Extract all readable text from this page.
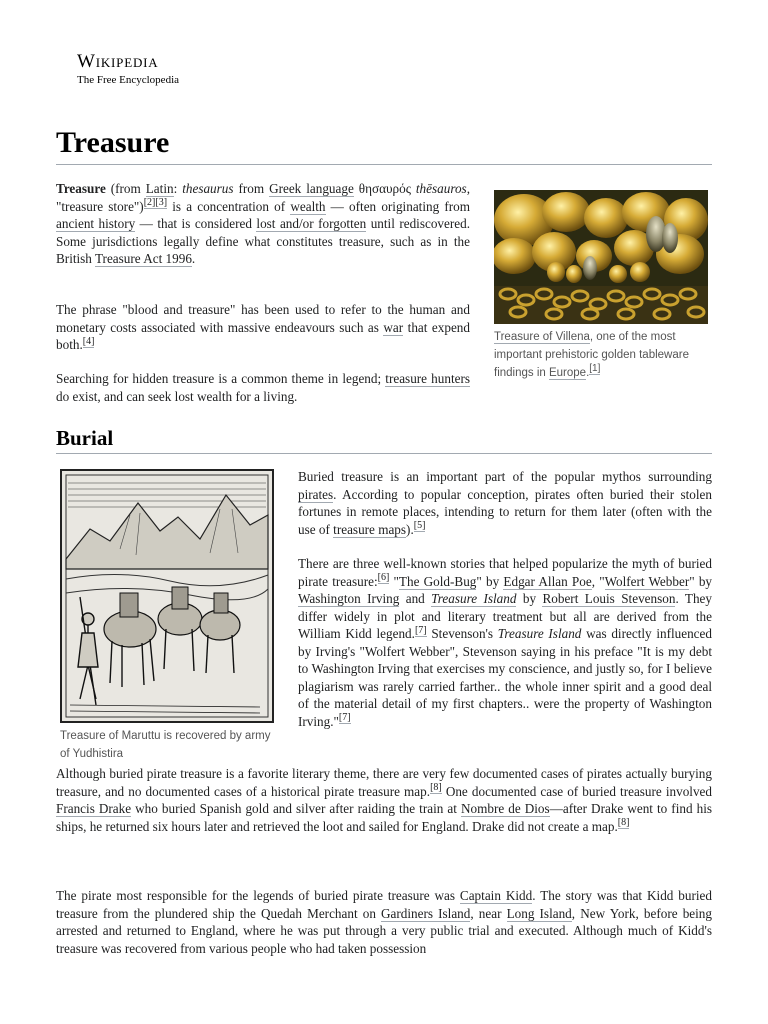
Wikipedia
The Free Encyclopedia
Treasure

Treasure (from Latin: thesaurus from Greek language θησαυρός thēsauros, "treasure store")[2][3] is a concentration of wealth — often originating from ancient history — that is considered lost and/or forgotten until rediscovered. Some jurisdictions legally define what constitutes treasure, such as in the British Treasure Act 1996.

The phrase "blood and treasure" has been used to refer to the human and monetary costs associated with massive endeavours such as war that expend both.[4]

Searching for hidden treasure is a common theme in legend; treasure hunters do exist, and can seek lost wealth for a living.

Treasure of Villena, one of the most important prehistoric golden tableware findings in Europe.[1]
Burial
Treasure of Maruttu is recovered by army of Yudhistira

Buried treasure is an important part of the popular mythos surrounding pirates. According to popular conception, pirates often buried their stolen fortunes in remote places, intending to return for them later (often with the use of treasure maps).[5]

There are three well-known stories that helped popularize the myth of buried pirate treasure:[6] "The Gold-Bug" by Edgar Allan Poe, "Wolfert Webber" by Washington Irving and Treasure Island by Robert Louis Stevenson. They differ widely in plot and literary treatment but all are derived from the William Kidd legend.[7] Stevenson's Treasure Island was directly influenced by Irving's "Wolfert Webber", Stevenson saying in his preface "It is my debt to Washington Irving that exercises my conscience, and justly so, for I believe plagiarism was rarely carried farther.. the whole inner spirit and a good deal of the material detail of my first chapters.. were the property of Washington Irving."[7]

Although buried pirate treasure is a favorite literary theme, there are very few documented cases of pirates actually burying treasure, and no documented cases of a historical pirate treasure map.[8] One documented case of buried treasure involved Francis Drake who buried Spanish gold and silver after raiding the train at Nombre de Dios—after Drake went to find his ships, he returned six hours later and retrieved the loot and sailed for England. Drake did not create a map.[8]

The pirate most responsible for the legends of buried pirate treasure was Captain Kidd. The story was that Kidd buried treasure from the plundered ship the Quedah Merchant on Gardiners Island, near Long Island, New York, before being arrested and returned to England, where he was put through a very public trial and executed. Although much of Kidd's treasure was recovered from various people who had taken possession
